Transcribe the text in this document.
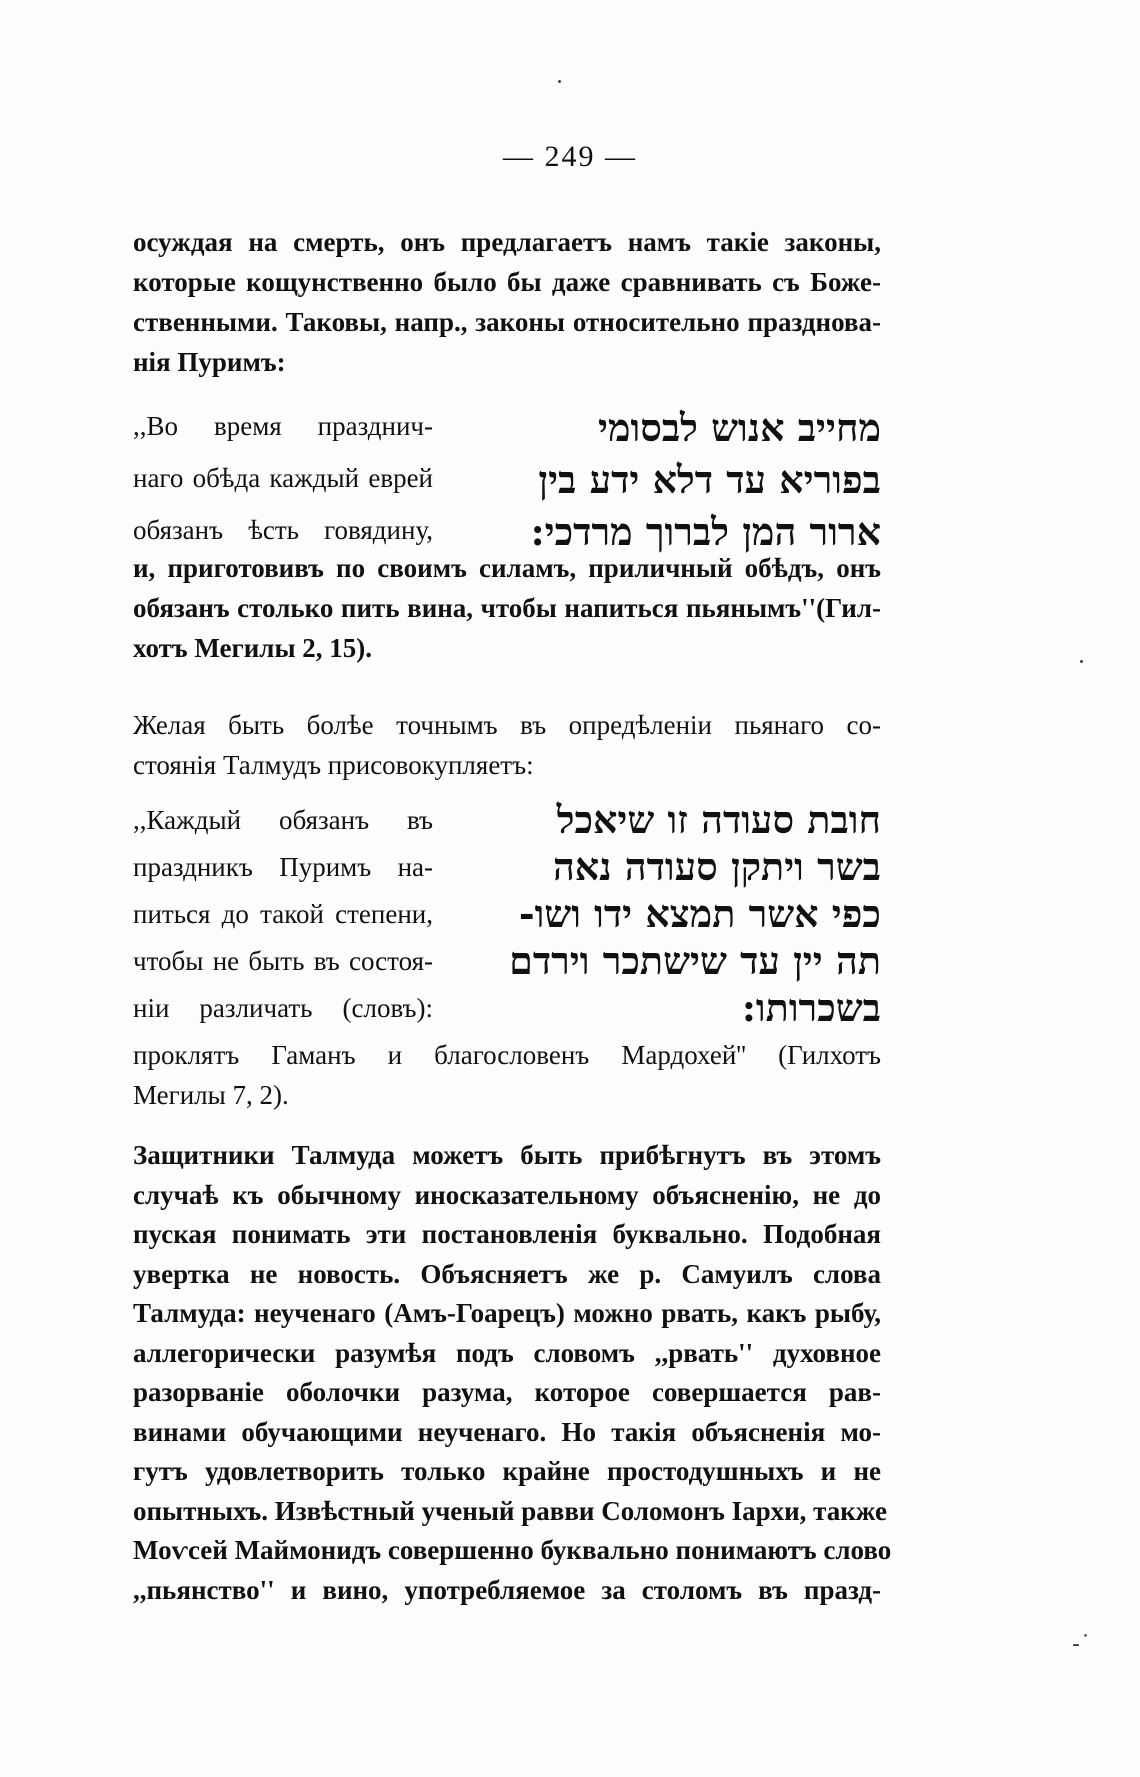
— 249 —
осуждая на смерть, онъ предлагаетъ намъ такіе законы,
которые кощунственно было бы даже сравнивать съ Боже-
ственными. Таковы, напр., законы относительно празднова-
нія Пуримъ:
,,Во время празднич-
наго обѣда каждый еврей
обязанъ ѣсть говядину,
מחייב אנוש לבסומי
בפוריא עד דלא ידע בין
ארור המן לברוך מרדכי:
и, приготовивъ по своимъ силамъ, приличный обѣдъ, онъ
обязанъ столько пить вина, чтобы напиться пьянымъ''(Гил-
хотъ Мегилы 2, 15).
Желая быть болѣе точнымъ въ опредѣленіи пьянаго со-
стоянія Талмудъ присовокупляетъ:
,,Каждый обязанъ въ
праздникъ Пуримъ на-
питься до такой степени,
чтобы не быть въ состоя-
ніи различать (словъ):
חובת סעודה זו שיאכל
בשר ויתקן סעודה נאה
כפי אשר תמצא ידו ושו-
תה יין עד שישתכר וירדם
בשכרותו:
проклятъ Гаманъ и благословенъ Мардохей'' (Гилхотъ
Мегилы 7, 2).
Защитники Талмуда можетъ быть прибѣгнутъ въ этомъ
случаѣ къ обычному иносказательному объясненію, не до
пуская понимать эти постановленія буквально. Подобная
увертка не новость. Объясняетъ же р. Самуилъ слова
Талмуда: неученаго (Амъ-Гоарецъ) можно рвать, какъ рыбу,
аллегорически разумѣя подъ словомъ ,,рвать'' духовное
разорваніе оболочки разума, которое совершается рав-
винами обучающими неученаго. Но такія объясненія мо-
гутъ удовлетворить только крайне простодушныхъ и не
опытныхъ. Извѣстный ученый равви Соломонъ Іархи, также
Моѵсей Маймонидъ совершенно буквально понимаютъ слово
,,пьянство'' и вино, употребляемое за столомъ въ празд-
-˙
